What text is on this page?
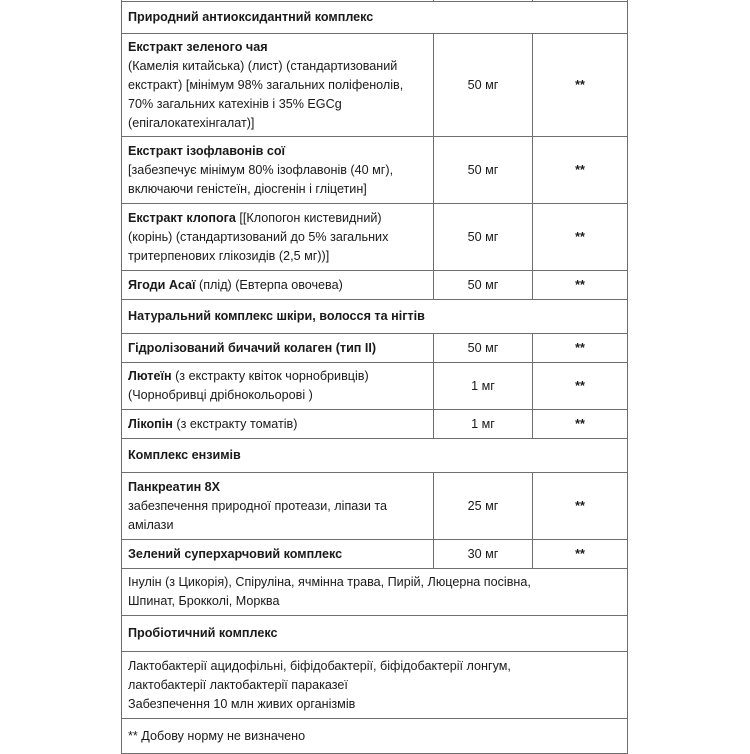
Природний антиоксидантний комплекс		

Екстракт зеленого чая
(Камелія китайська) (лист) (стандартизований
екстракт) [мінімум 98% загальних поліфенолів,
70% загальних катехінів і 35% EGCg
(епігалокатехінгалат)]	50 мг	**

Екстракт ізофлавонів сої
[забезпечує мінімум 80% ізофлавонів (40 мг),
включаючи геністеїн, діосгенін і гліцетин]	50 мг	**

Екстракт клопога [[Клопогон кистевидний)
(корінь) (стандартизований до 5% загальних
тритерпенових глікозидів (2,5 мг))]	50 мг	**
Ягоди Асаї (плід) (Евтерпа овочева)	50 мг	**
Натуральний комплекс шкіри, волосся та нігтів		
Гідролізований бичачий колаген (тип II)	50 мг	**

Лютеїн (з екстракту квіток чорнобривців)
(Чорнобривці дрібнокольорові )	1 мг	**
Лікопін (з екстракту томатів)	1 мг	**
Комплекс ензимів		

Панкреатин 8X
забезпечення природної протеази, ліпази та
амілази	25 мг	**
Зелений суперхарчовий комплекс	30 мг	**

Інулін (з Цикорія), Спіруліна, ячмінна трава, Пирій, Люцерна посівна,
Шпинат, Брокколі, Морква		

Пробіотичний комплекс		

Лактобактерії ацидофільні, біфідобактерії, біфідобактерії лонгум,
лактобактерії лактобактерії параказеї
Забезпечення 10 млн живих організмів		

** Добову норму не визначено		
